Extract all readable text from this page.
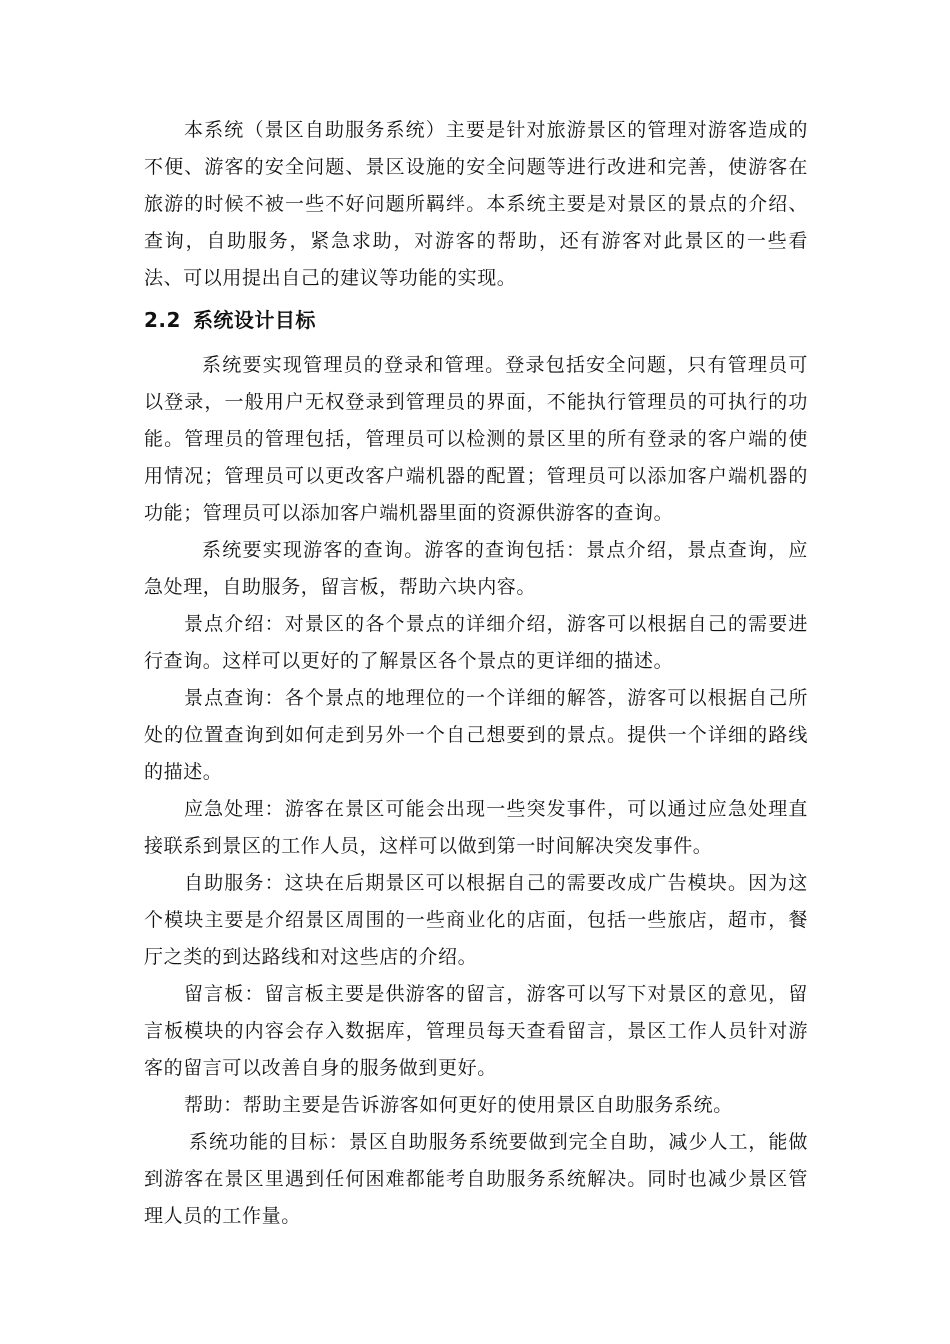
本系统（景区自助服务系统）主要是针对旅游景区的管理对游客造成的不便、游客的安全问题、景区设施的安全问题等进行改进和完善，使游客在旅游的时候不被一些不好问题所羁绊。本系统主要是对景区的景点的介绍、查询，自助服务，紧急求助，对游客的帮助，还有游客对此景区的一些看法、可以用提出自己的建议等功能的实现。

2.2 系统设计目标

系统要实现管理员的登录和管理。登录包括安全问题，只有管理员可以登录，一般用户无权登录到管理员的界面，不能执行管理员的可执行的功能。管理员的管理包括，管理员可以检测的景区里的所有登录的客户端的使用情况；管理员可以更改客户端机器的配置；管理员可以添加客户端机器的功能；管理员可以添加客户端机器里面的资源供游客的查询。

系统要实现游客的查询。游客的查询包括：景点介绍，景点查询，应急处理，自助服务，留言板，帮助六块内容。

景点介绍：对景区的各个景点的详细介绍，游客可以根据自己的需要进行查询。这样可以更好的了解景区各个景点的更详细的描述。

景点查询：各个景点的地理位的一个详细的解答，游客可以根据自己所处的位置查询到如何走到另外一个自己想要到的景点。提供一个详细的路线的描述。

应急处理：游客在景区可能会出现一些突发事件，可以通过应急处理直接联系到景区的工作人员，这样可以做到第一时间解决突发事件。

自助服务：这块在后期景区可以根据自己的需要改成广告模块。因为这个模块主要是介绍景区周围的一些商业化的店面，包括一些旅店，超市，餐厅之类的到达路线和对这些店的介绍。

留言板：留言板主要是供游客的留言，游客可以写下对景区的意见，留言板模块的内容会存入数据库，管理员每天查看留言，景区工作人员针对游客的留言可以改善自身的服务做到更好。

帮助：帮助主要是告诉游客如何更好的使用景区自助服务系统。

系统功能的目标：景区自助服务系统要做到完全自助，减少人工，能做到游客在景区里遇到任何困难都能考自助服务系统解决。同时也减少景区管理人员的工作量。
